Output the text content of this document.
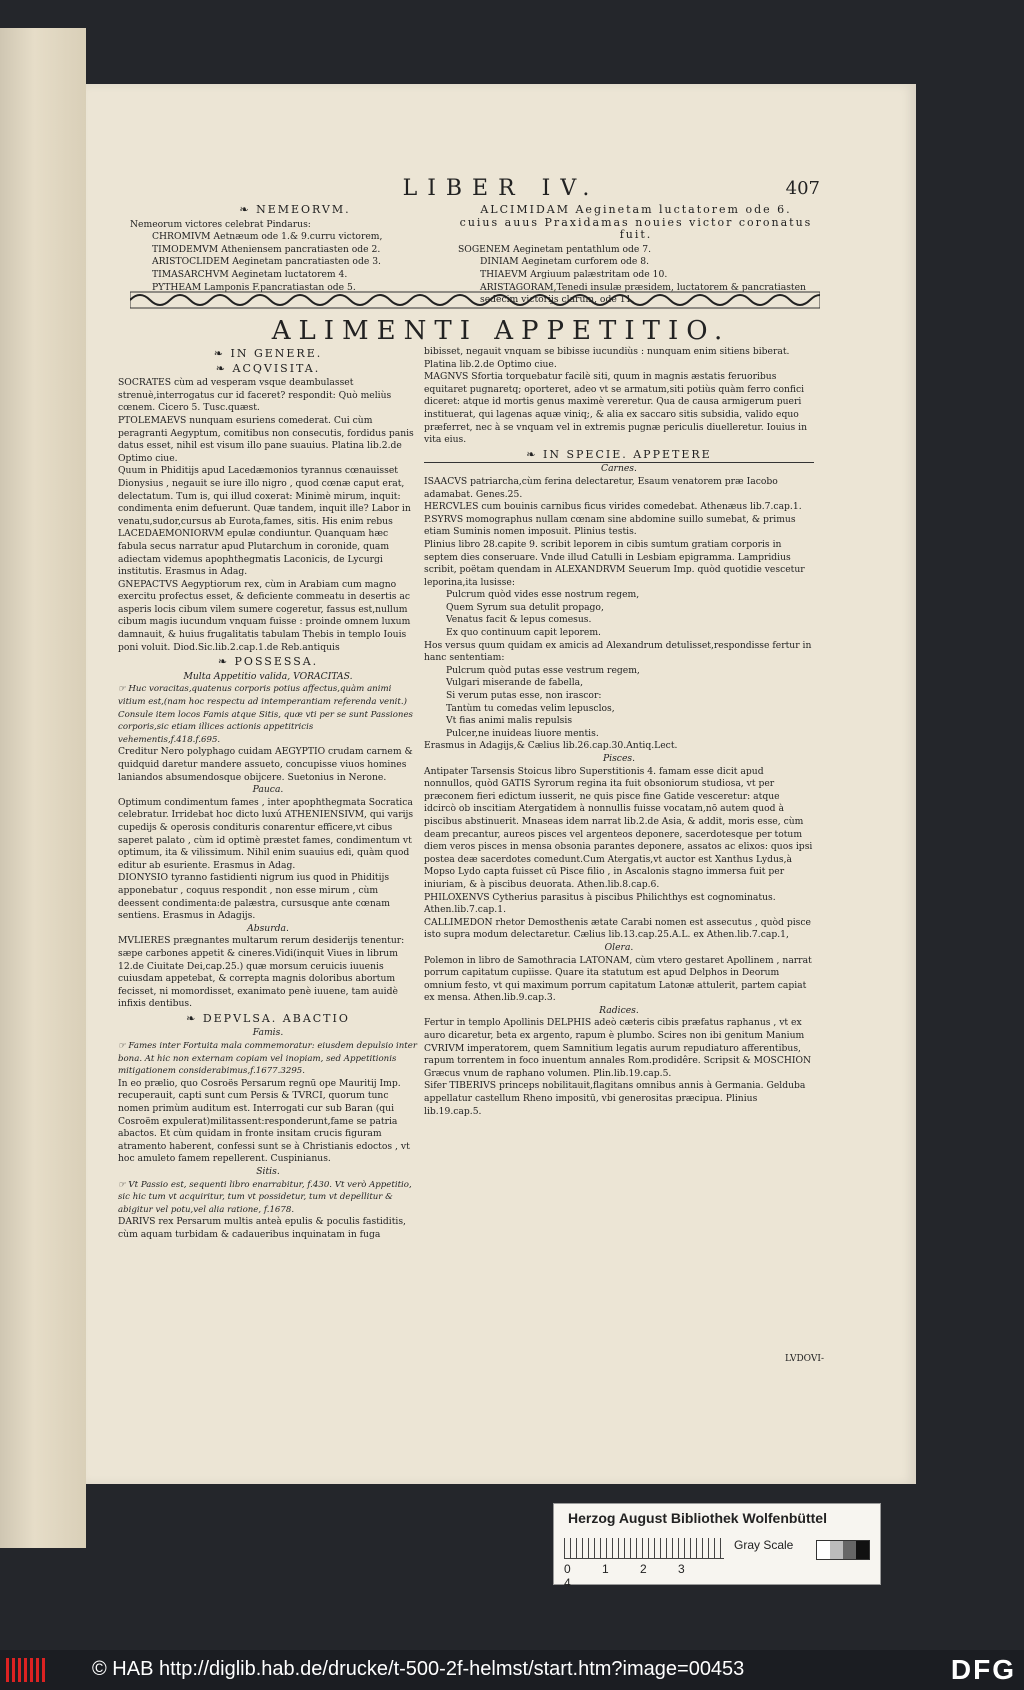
LIBER IV.	407
❧ NEMEORVM.
Nemeorum victores celebrat Pindarus:
CHROMIVM Aetnæum ode 1.& 9.curru victorem,
TIMODEMVM Atheniensem pancratiasten ode 2.
ARISTOCLIDEM Aeginetam pancratiasten ode 3.
TIMASARCHVM Aeginetam luctatorem 4.
PYTHEAM Lamponis F.pancratiastan ode 5.
ALCIMIDAM Aeginetam luctatorem ode 6. cuius auus Praxidamas nouies victor coronatus fuit.
SOGENEM Aeginetam pentathlum ode 7.
DINIAM Aeginetam curforem ode 8.
THIAEVM Argiuum palæstritam ode 10.
ARISTAGORAM,Tenedi insulæ præsidem, luctatorem & pancratiasten sedecim victorijs clarum, ode 11.
ALIMENTI APPETITIO.
❧ IN GENERE.
❧ ACQVISITA.
SOCRATES cùm ad vesperam vsque deambulasset strenuè,interrogatus cur id faceret? respondit: Quò meliùs cœnem. Cicero 5. Tusc.quæst.
PTOLEMAEVS nunquam esuriens comederat. Cui cùm peragranti Aegyptum, comitibus non consecutis, fordidus panis datus esset, nihil est visum illo pane suauius. Platina lib.2.de Optimo ciue.
Quum in Phiditijs apud Lacedæmonios tyrannus cœnauisset Dionysius , negauit se iure illo nigro , quod cœnæ caput erat, delectatum. Tum is, qui illud coxerat: Minimè mirum, inquit: condimenta enim defuerunt. Quæ tandem, inquit ille? Labor in venatu,sudor,cursus ab Eurota,fames, sitis. His enim rebus LACEDAEMONIORVM epulæ condiuntur. Quanquam hæc fabula secus narratur apud Plutarchum in coronide, quam adiectam videmus apophthegmatis Laconicis, de Lycurgi institutis. Erasmus in Adag.
GNEPACTVS Aegyptiorum rex, cùm in Arabiam cum magno exercitu profectus esset, & deficiente commeatu in desertis ac asperis locis cibum vilem sumere cogeretur, fassus est,nullum cibum magis iucundum vnquam fuisse : proinde omnem luxum damnauit, & huius frugalitatis tabulam Thebis in templo Iouis poni voluit. Diod.Sic.lib.2.cap.1.de Reb.antiquis
❧ POSSESSA.
Multa Appetitio valida, VORACITAS.
☞ Huc voracitas,quatenus corporis potius affectus,quàm animi vitium est,(nam hoc respectu ad intemperantiam referenda venit.) Consule item locos Famis atque Sitis, quæ vti per se sunt Passiones corporis,sic etiam illices actionis appetitricis vehementis,f.418.f.695.
Creditur Nero polyphago cuidam AEGYPTIO crudam carnem & quidquid daretur mandere assueto, concupisse viuos homines laniandos absumendosque obijcere. Suetonius in Nerone.
Pauca.
Optimum condimentum fames , inter apophthegmata Socratica celebratur. Irridebat hoc dicto luxú ATHENIENSIVM, qui varijs cupedijs & operosis condituris conarentur efficere,vt cibus saperet palato , cùm id optimè præstet fames, condimentum vt optimum, ita & vilissimum. Nihil enim suauius edi, quàm quod editur ab esuriente. Erasmus in Adag.
DIONYSIO tyranno fastidienti nigrum ius quod in Phiditijs apponebatur , coquus respondit , non esse mirum , cùm deessent condimenta:de palæstra, cursusque ante cœnam sentiens. Erasmus in Adagijs.
Absurda.
MVLIERES prægnantes multarum rerum desiderijs tenentur: sæpe carbones appetit & cineres.Vidi(inquit Viues in librum 12.de Ciuitate Dei,cap.25.) quæ morsum ceruicis iuuenis cuiusdam appetebat, & correpta magnis doloribus abortum fecisset, ni momordisset, exanimato penè iuuene, tam auidè infixis dentibus.
❧ DEPVLSA. ABACTIO
Famis.
☞ Fames inter Fortuita mala commemoratur: eiusdem depulsio inter bona. At hic non externam copiam vel inopiam, sed Appetitionis mitigationem considerabimus,f.1677.3295.
In eo prælio, quo Cosroës Persarum regnū ope Mauritij Imp. recuperauit, capti sunt cum Persis & TVRCI, quorum tunc nomen primùm auditum est. Interrogati cur sub Baran (qui Cosroëm expulerat)militassent:responderunt,fame se patria abactos. Et cùm quidam in fronte insitam crucis figuram atramento haberent, confessi sunt se à Christianis edoctos , vt hoc amuleto famem repellerent. Cuspinianus.
Sitis.
☞ Vt Passio est, sequenti libro enarrabitur, f.430. Vt verò Appetitio, sic hic tum vt acquiritur, tum vt possidetur, tum vt depellitur & abigitur vel potu,vel alia ratione, f.1678.
DARIVS rex Persarum multis anteà epulis & poculis fastiditis, cùm aquam turbidam & cadaueribus inquinatam in fuga
bibisset, negauit vnquam se bibisse iucundiùs : nunquam enim sitiens biberat. Platina lib.2.de Optimo ciue.
MAGNVS Sfortia torquebatur facilè siti, quum in magnis æstatis feruoribus equitaret pugnaretq; oporteret, adeo vt se armatum,siti potiùs quàm ferro confici diceret: atque id mortis genus maximè vereretur. Qua de causa armigerum pueri instituerat, qui lagenas aquæ viniq;, & alia ex saccaro sitis subsidia, valido equo præferret, nec à se vnquam vel in extremis pugnæ periculis diuelleretur. Iouius in vita eius.
❧ IN SPECIE. APPETERE
Carnes.
ISAACVS patriarcha,cùm ferina delectaretur, Esaum venatorem præ Iacobo adamabat. Genes.25.
HERCVLES cum bouinis carnibus ficus virides comedebat. Athenæus lib.7.cap.1.
P.SYRVS momographus nullam cœnam sine abdomine suillo sumebat, & primus etiam Suminis nomen imposuit. Plinius testis.
Plinius libro 28.capite 9. scribit leporem in cibis sumtum gratiam corporis in septem dies conseruare. Vnde illud Catulli in Lesbiam epigramma. Lampridius scribit, poëtam quendam in ALEXANDRVM Seuerum Imp. quòd quotidie vescetur leporina,ita lusisse:
Pulcrum quòd vides esse nostrum regem,
Quem Syrum sua detulit propago,
Venatus facit & lepus comesus.
Ex quo continuum capit leporem.
Hos versus quum quidam ex amicis ad Alexandrum detulisset,respondisse fertur in hanc sententiam:
Pulcrum quòd putas esse vestrum regem,
Vulgari miserande de fabella,
Si verum putas esse, non irascor:
Tantùm tu comedas velim lepusclos,
Vt fias animi malis repulsis
Pulcer,ne inuideas liuore mentis.
Erasmus in Adagijs,& Cælius lib.26.cap.30.Antiq.Lect.
Pisces.
Antipater Tarsensis Stoicus libro Superstitionis 4. famam esse dicit apud nonnullos, quòd GATIS Syrorum regina ita fuit obsoniorum studiosa, vt per præconem fieri edictum iusserit, ne quis pisce fine Gatide vesceretur: atque idcircò ob inscitiam Atergatidem à nonnullis fuisse vocatam,nō autem quod à piscibus abstinuerit. Mnaseas idem narrat lib.2.de Asia, & addit, moris esse, cùm deam precantur, aureos pisces vel argenteos deponere, sacerdotesque per totum diem veros pisces in mensa obsonia parantes deponere, assatos ac elixos: quos ipsi postea deæ sacerdotes comedunt.Cum Atergatis,vt auctor est Xanthus Lydus,à Mopso Lydo capta fuisset cū Pisce filio , in Ascalonis stagno immersa fuit per iniuriam, & à piscibus deuorata. Athen.lib.8.cap.6.
PHILOXENVS Cytherius parasitus à piscibus Philichthys est cognominatus. Athen.lib.7.cap.1.
CALLIMEDON rhetor Demosthenis ætate Carabi nomen est assecutus , quòd pisce isto supra modum delectaretur. Cælius lib.13.cap.25.A.L. ex Athen.lib.7.cap.1,
Olera.
Polemon in libro de Samothracia LATONAM, cùm vtero gestaret Apollinem , narrat porrum capitatum cupiisse. Quare ita statutum est apud Delphos in Deorum omnium festo, vt qui maximum porrum capitatum Latonæ attulerit, partem capiat ex mensa. Athen.lib.9.cap.3.
Radices.
Fertur in templo Apollinis DELPHIS adeò cæteris cibis præfatus raphanus , vt ex auro dicaretur, beta ex argento, rapum è plumbo. Scires non ibi genitum Manium CVRIVM imperatorem, quem Samnitium legatis aurum repudiaturo afferentibus, rapum torrentem in foco inuentum annales Rom.prodidêre. Scripsit & MOSCHION Græcus vnum de raphano volumen. Plin.lib.19.cap.5.
Sifer TIBERIVS princeps nobilitauit,flagitans omnibus annis à Germania. Gelduba appellatur castellum Rheno impositū, vbi generositas præcipua. Plinius lib.19.cap.5.
LVDOVI-
Herzog August Bibliothek Wolfenbüttel
0	1	2	34
Gray Scale
© HAB http://diglib.hab.de/drucke/t-500-2f-helmst/start.htm?image=00453	DFG
